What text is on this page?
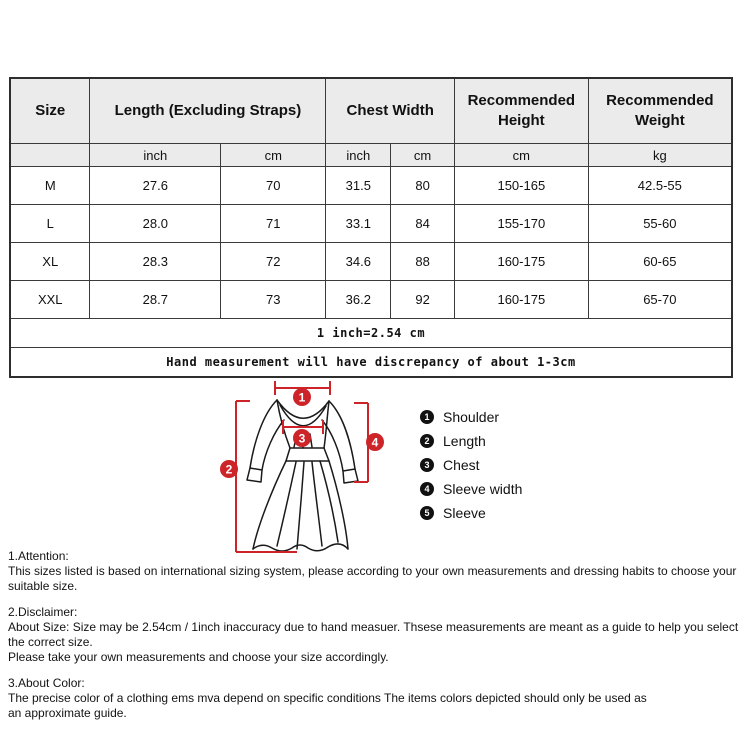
Size	Length (Excluding Straps)		Chest Width		Recommended Height	Recommended Weight
	inch	cm	inch	cm	cm	kg
M	27.6	70	31.5	80	150-165	42.5-55
L	28.0	71	33.1	84	155-170	55-60
XL	28.3	72	34.6	88	160-175	60-65
XXL	28.7	73	36.2	92	160-175	65-70
1 inch=2.54 cm						
Hand measurement will have discrepancy of about 1-3cm						
1
2
3	4
1 Shoulder
2 Length
3 Chest
4 Sleeve width
5 Sleeve

1.Attention:

This sizes listed is based on international sizing system, please according to your own measurements and dressing habits to choose your suitable size.

2.Disclaimer:

About Size: Size may be 2.54cm / 1inch inaccuracy due to hand measuer. Thsese measurements are meant as a guide to help you select the correct size.

Please take your own measurements and choose your size accordingly.

3.About Color:

The precise color of a clothing ems mva depend on specific conditions The items colors depicted should only be used as

an approximate guide.
